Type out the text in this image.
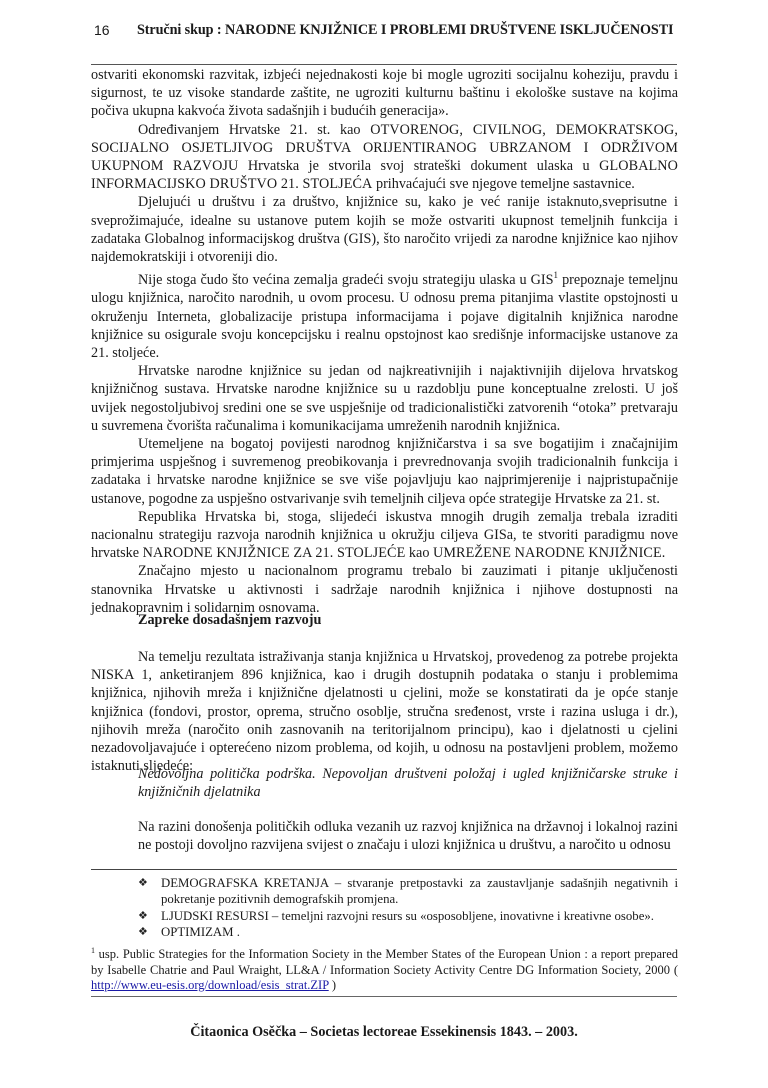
16 Stručni skup : NARODNE KNJIŽNICE I PROBLEMI DRUŠTVENE ISKLJUČENOSTI

ostvariti ekonomski razvitak, izbjeći nejednakosti koje bi mogle ugroziti socijalnu koheziju, pravdu i sigurnost, te uz visoke standarde zaštite, ne ugroziti kulturnu baštinu i ekološke sustave na kojima počiva ukupna kakvoća života sadašnjih i budućih generacija».

Određivanjem Hrvatske 21. st. kao OTVORENOG, CIVILNOG, DEMOKRATSKOG, SOCIJALNO OSJETLJIVOG DRUŠTVA ORIJENTIRANOG UBRZANOM I ODRŽIVOM UKUPNOM RAZVOJU Hrvatska je stvorila svoj strateški dokument ulaska u GLOBALNO INFORMACIJSKO DRUŠTVO 21. STOLJEĆA prihvaćajući sve njegove temeljne sastavnice.

Djelujući u društvu i za društvo, knjižnice su, kako je već ranije istaknuto,sveprisutne i sveprožimajuće, idealne su ustanove putem kojih se može ostvariti ukupnost temeljnih funkcija i zadataka Globalnog informacijskog društva (GIS), što naročito vrijedi za narodne knjižnice kao njihov najdemokratskiji i otvoreniji dio.

Nije stoga čudo što većina zemalja gradeći svoju strategiju ulaska u GIS$^1$ prepoznaje temeljnu ulogu knjižnica, naročito narodnih, u ovom procesu. U odnosu prema pitanjima vlastite opstojnosti u okruženju Interneta, globalizacije pristupa informacijama i pojave digitalnih knjižnica narodne knjižnice su osigurale svoju koncepcijsku i realnu opstojnost kao središnje informacijske ustanove za 21. stoljeće.

Hrvatske narodne knjižnice su jedan od najkreativnijih i najaktivnijih dijelova hrvatskog knjižničnog sustava. Hrvatske narodne knjižnice su u razdoblju pune konceptualne zrelosti. U još uvijek negostoljubivoj sredini one se sve uspješnije od tradicionalistički zatvorenih “otoka” pretvaraju u suvremena čvorišta računalima i komunikacijama umreženih narodnih knjižnica.

Utemeljene na bogatoj povijesti narodnog knjižničarstva i sa sve bogatijim i značajnijim primjerima uspješnog i suvremenog preobikovanja i prevrednovanja svojih tradicionalnih funkcija i zadataka i hrvatske narodne knjižnice se sve više pojavljuju kao najprimjerenije i najpristupačnije ustanove, pogodne za uspješno ostvarivanje svih temeljnih ciljeva opće strategije Hrvatske za 21. st.

Republika Hrvatska bi, stoga, slijedeći iskustva mnogih drugih zemalja trebala izraditi nacionalnu strategiju razvoja narodnih knjižnica u okružju ciljeva GISa, te stvoriti paradigmu nove hrvatske NARODNE KNJIŽNICE ZA 21. STOLJEĆE kao UMREŽENE NARODNE KNJIŽNICE.

Značajno mjesto u nacionalnom programu trebalo bi zauzimati i pitanje uključenosti stanovnika Hrvatske u aktivnosti i sadržaje narodnih knjižnica i njihove dostupnosti na jednakopravnim i solidarnim osnovama.

Zapreke dosadašnjem razvoju

Na temelju rezultata istraživanja stanja knjižnica u Hrvatskoj, provedenog za potrebe projekta NISKA 1, anketiranjem 896 knjižnica, kao i drugih dostupnih podataka o stanju i problemima knjižnica, njihovih mreža i knjižnične djelatnosti u cjelini, može se konstatirati da je opće stanje knjižnica (fondovi, prostor, oprema, stručno osoblje, stručna sređenost, vrste i razina usluga i dr.), njihovih mreža (naročito onih zasnovanih na teritorijalnom principu), kao i djelatnosti u cjelini nezadovoljavajuće i opterećeno nizom problema, od kojih, u odnosu na postavljeni problem, možemo istaknuti sljedeće:

Nedovoljna politička podrška. Nepovoljan društveni položaj i ugled knjižničarske struke i knjižničnih djelatnika
Na razini donošenja političkih odluka vezanih uz razvoj knjižnica na državnoj i lokalnoj razini ne postoji dovoljno razvijena svijest o značaju i ulozi knjižnica u društvu, a naročito u odnosu
❖ DEMOGRAFSKA KRETANJA – stvaranje pretpostavki za zaustavljanje sadašnjih negativnih i pokretanje pozitivnih demografskih promjena.
❖ LJUDSKI RESURSI – temeljni razvojni resurs su «osposobljene, inovativne i kreativne osobe».
❖ OPTIMIZAM .
$^1$ usp. Public Strategies for the Information Society in the Member States of the European Union : a report prepared by Isabelle Chatrie and Paul Wraight, LL&A / Information Society Activity Centre DG Information Society, 2000 ( http://www.eu-esis.org/download/esis_strat.ZIP )
Čitaonica Osěčka – Societas lectoreae Essekinensis 1843. – 2003.
